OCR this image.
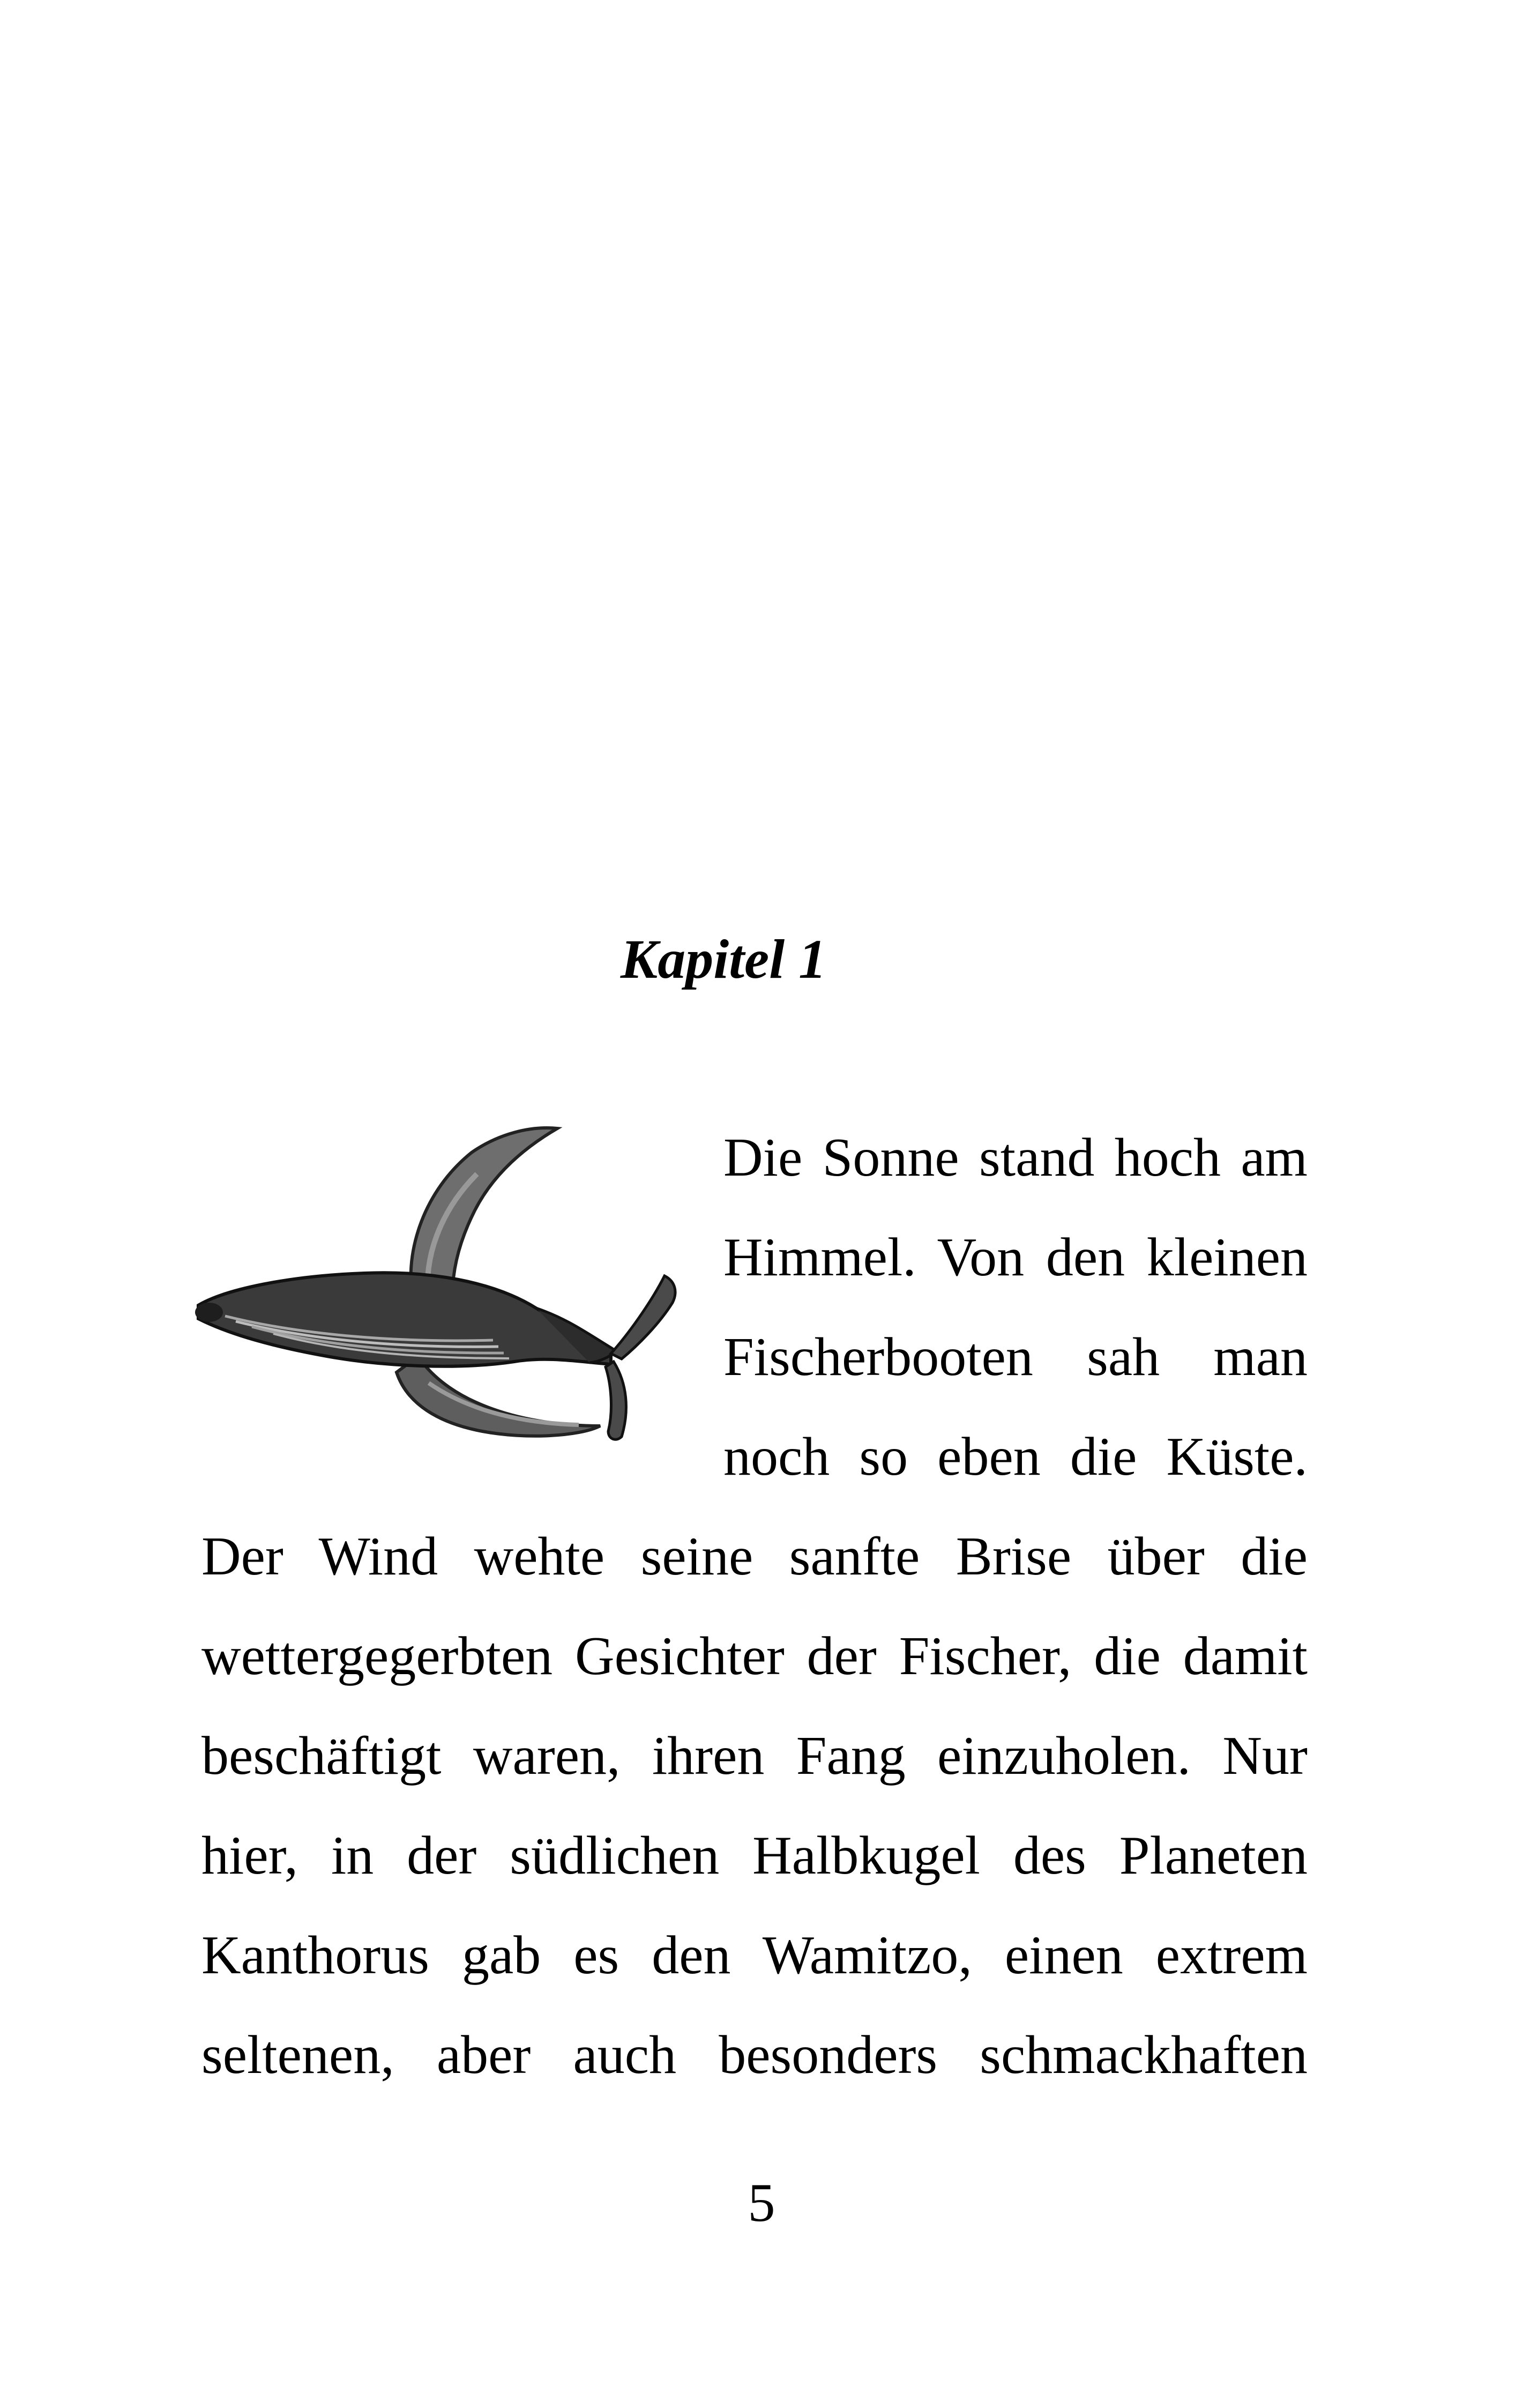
Kapitel 1
Die Sonne stand hoch am
Himmel. Von den kleinen
Fischerbooten sah man
noch so eben die Küste.
Der Wind wehte seine sanfte Brise über die
wettergegerbten Gesichter der Fischer, die damit
beschäftigt waren, ihren Fang einzuholen. Nur
hier, in der südlichen Halbkugel des Planeten
Kanthorus gab es den Wamitzo, einen extrem
seltenen, aber auch besonders schmackhaften
5
